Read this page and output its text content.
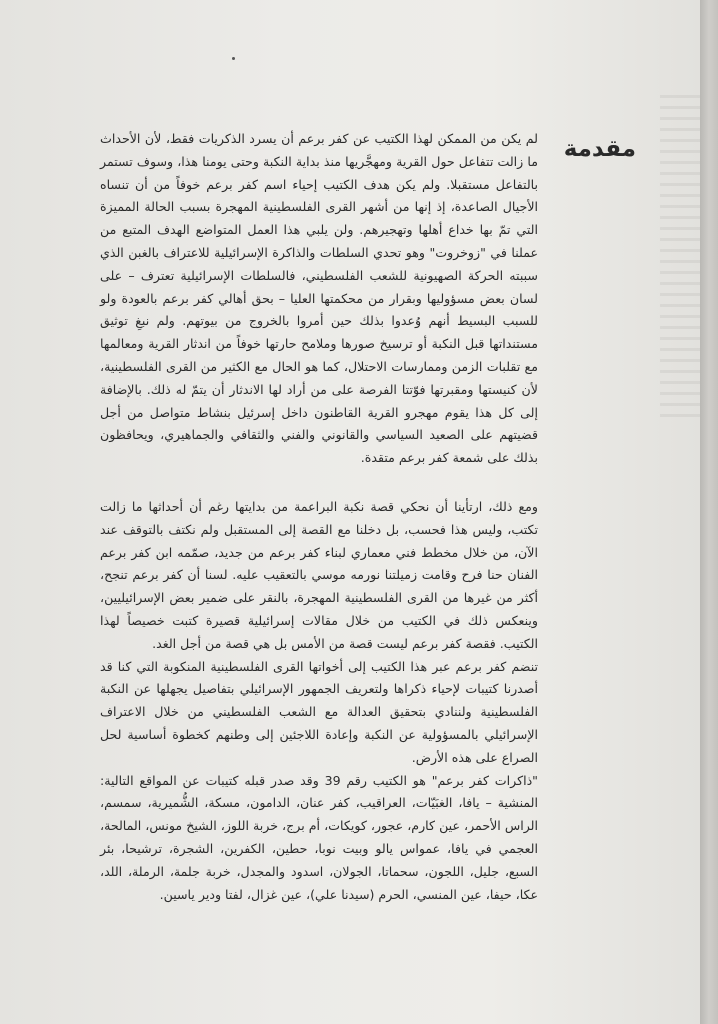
مقدمة

لم يكن من الممكن لهذا الكتيب عن كفر برعم أن يسرد الذكريات فقط، لأن الأحداث ما زالت تتفاعل حول القرية ومهجَّريها منذ بداية النكبة وحتى يومنا هذا، وسوف تستمر بالتفاعل مستقبلا. ولم يكن هدف الكتيب إحياء اسم كفر برعم خوفاً من أن تنساه الأجيال الصاعدة، إذ إنها من أشهر القرى الفلسطينية المهجرة بسبب الحالة المميزة التي تمّ بها خداع أهلها وتهجيرهم. ولن يلبي هذا العمل المتواضع الهدف المتبع من عملنا في "زوخروت" وهو تحدي السلطات والذاكرة الإسرائيلية للاعتراف بالغبن الذي سببته الحركة الصهيونية للشعب الفلسطيني، فالسلطات الإسرائيلية تعترف – على لسان بعض مسؤوليها وبقرار من محكمتها العليا – بحق أهالي كفر برعم بالعودة ولو للسبب البسيط أنهم وُعدوا بذلك حين أمروا بالخروج من بيوتهم. ولم نبغِ توثيق مستنداتها قبل النكبة أو ترسيخ صورها وملامح حارتها خوفاً من اندثار القرية ومعالمها مع تقلبات الزمن وممارسات الاحتلال، كما هو الحال مع الكثير من القرى الفلسطينية، لأن كنيستها ومقبرتها فوّتتا الفرصة على من أراد لها الاندثار أن يتمّ له ذلك. بالإضافة إلى كل هذا يقوم مهجرو القرية القاطنون داخل إسرئيل بنشاط متواصل من أجل قضيتهم على الصعيد السياسي والقانوني والفني والثقافي والجماهيري، ويحافظون بذلك على شمعة كفر برعم متقدة.

ومع ذلك، ارتأينا أن نحكي قصة نكبة البراعمة من بدايتها رغم أن أحداثها ما زالت تكتب، وليس هذا فحسب، بل دخلنا مع القصة إلى المستقبل ولم نكتف بالتوقف عند الآن، من خلال مخطط فني معماري لبناء كفر برعم من جديد، صمّمه ابن كفر برعم الفنان حنا فرح وقامت زميلتنا نورمه موسي بالتعقيب عليه. لسنا أن كفر برعم تنجح، أكثر من غيرها من القرى الفلسطينية المهجرة، بالنقر على ضمير بعض الإسرائيليين، وينعكس ذلك في الكتيب من خلال مقالات إسرائيلية قصيرة كتبت خصيصاً لهذا الكتيب. فقصة كفر برعم ليست قصة من الأمس بل هي قصة من أجل الغد.

تنضم كفر برعم عبر هذا الكتيب إلى أخواتها القرى الفلسطينية المنكوبة التي كنا قد أصدرنا كتيبات لإحياء ذكراها ولتعريف الجمهور الإسرائيلي بتفاصيل يجهلها عن النكبة الفلسطينية ولننادي بتحقيق العدالة مع الشعب الفلسطيني من خلال الاعتراف الإسرائيلي بالمسؤولية عن النكبة وإعادة اللاجئين إلى وطنهم كخطوة أساسية لحل الصراع على هذه الأرض.

"ذاكرات كفر برعم" هو الكتيب رقم 39 وقد صدر قبله كتيبات عن المواقع التالية: المنشية – يافا، الغبَيّات، العراقيب، كفر عنان، الدامون، مسكة، الشُّميرية، سمسم، الراس الأحمر، عين كارم، عجور، كويكات، أم برج، خربة اللوز، الشيخ مونس، المالحة، العجمي في يافا، عمواس يالو وبيت نوبا، حطين، الكفرين، الشجرة، ترشيحا، بئر السبع، جليل، اللجون، سحماتا، الجولان، اسدود والمجدل، خربة جلمة، الرملة، اللد، عكا، حيفا، عين المنسي، الحرم (سيدنا علي)، عين غزال، لفتا ودير ياسين.
